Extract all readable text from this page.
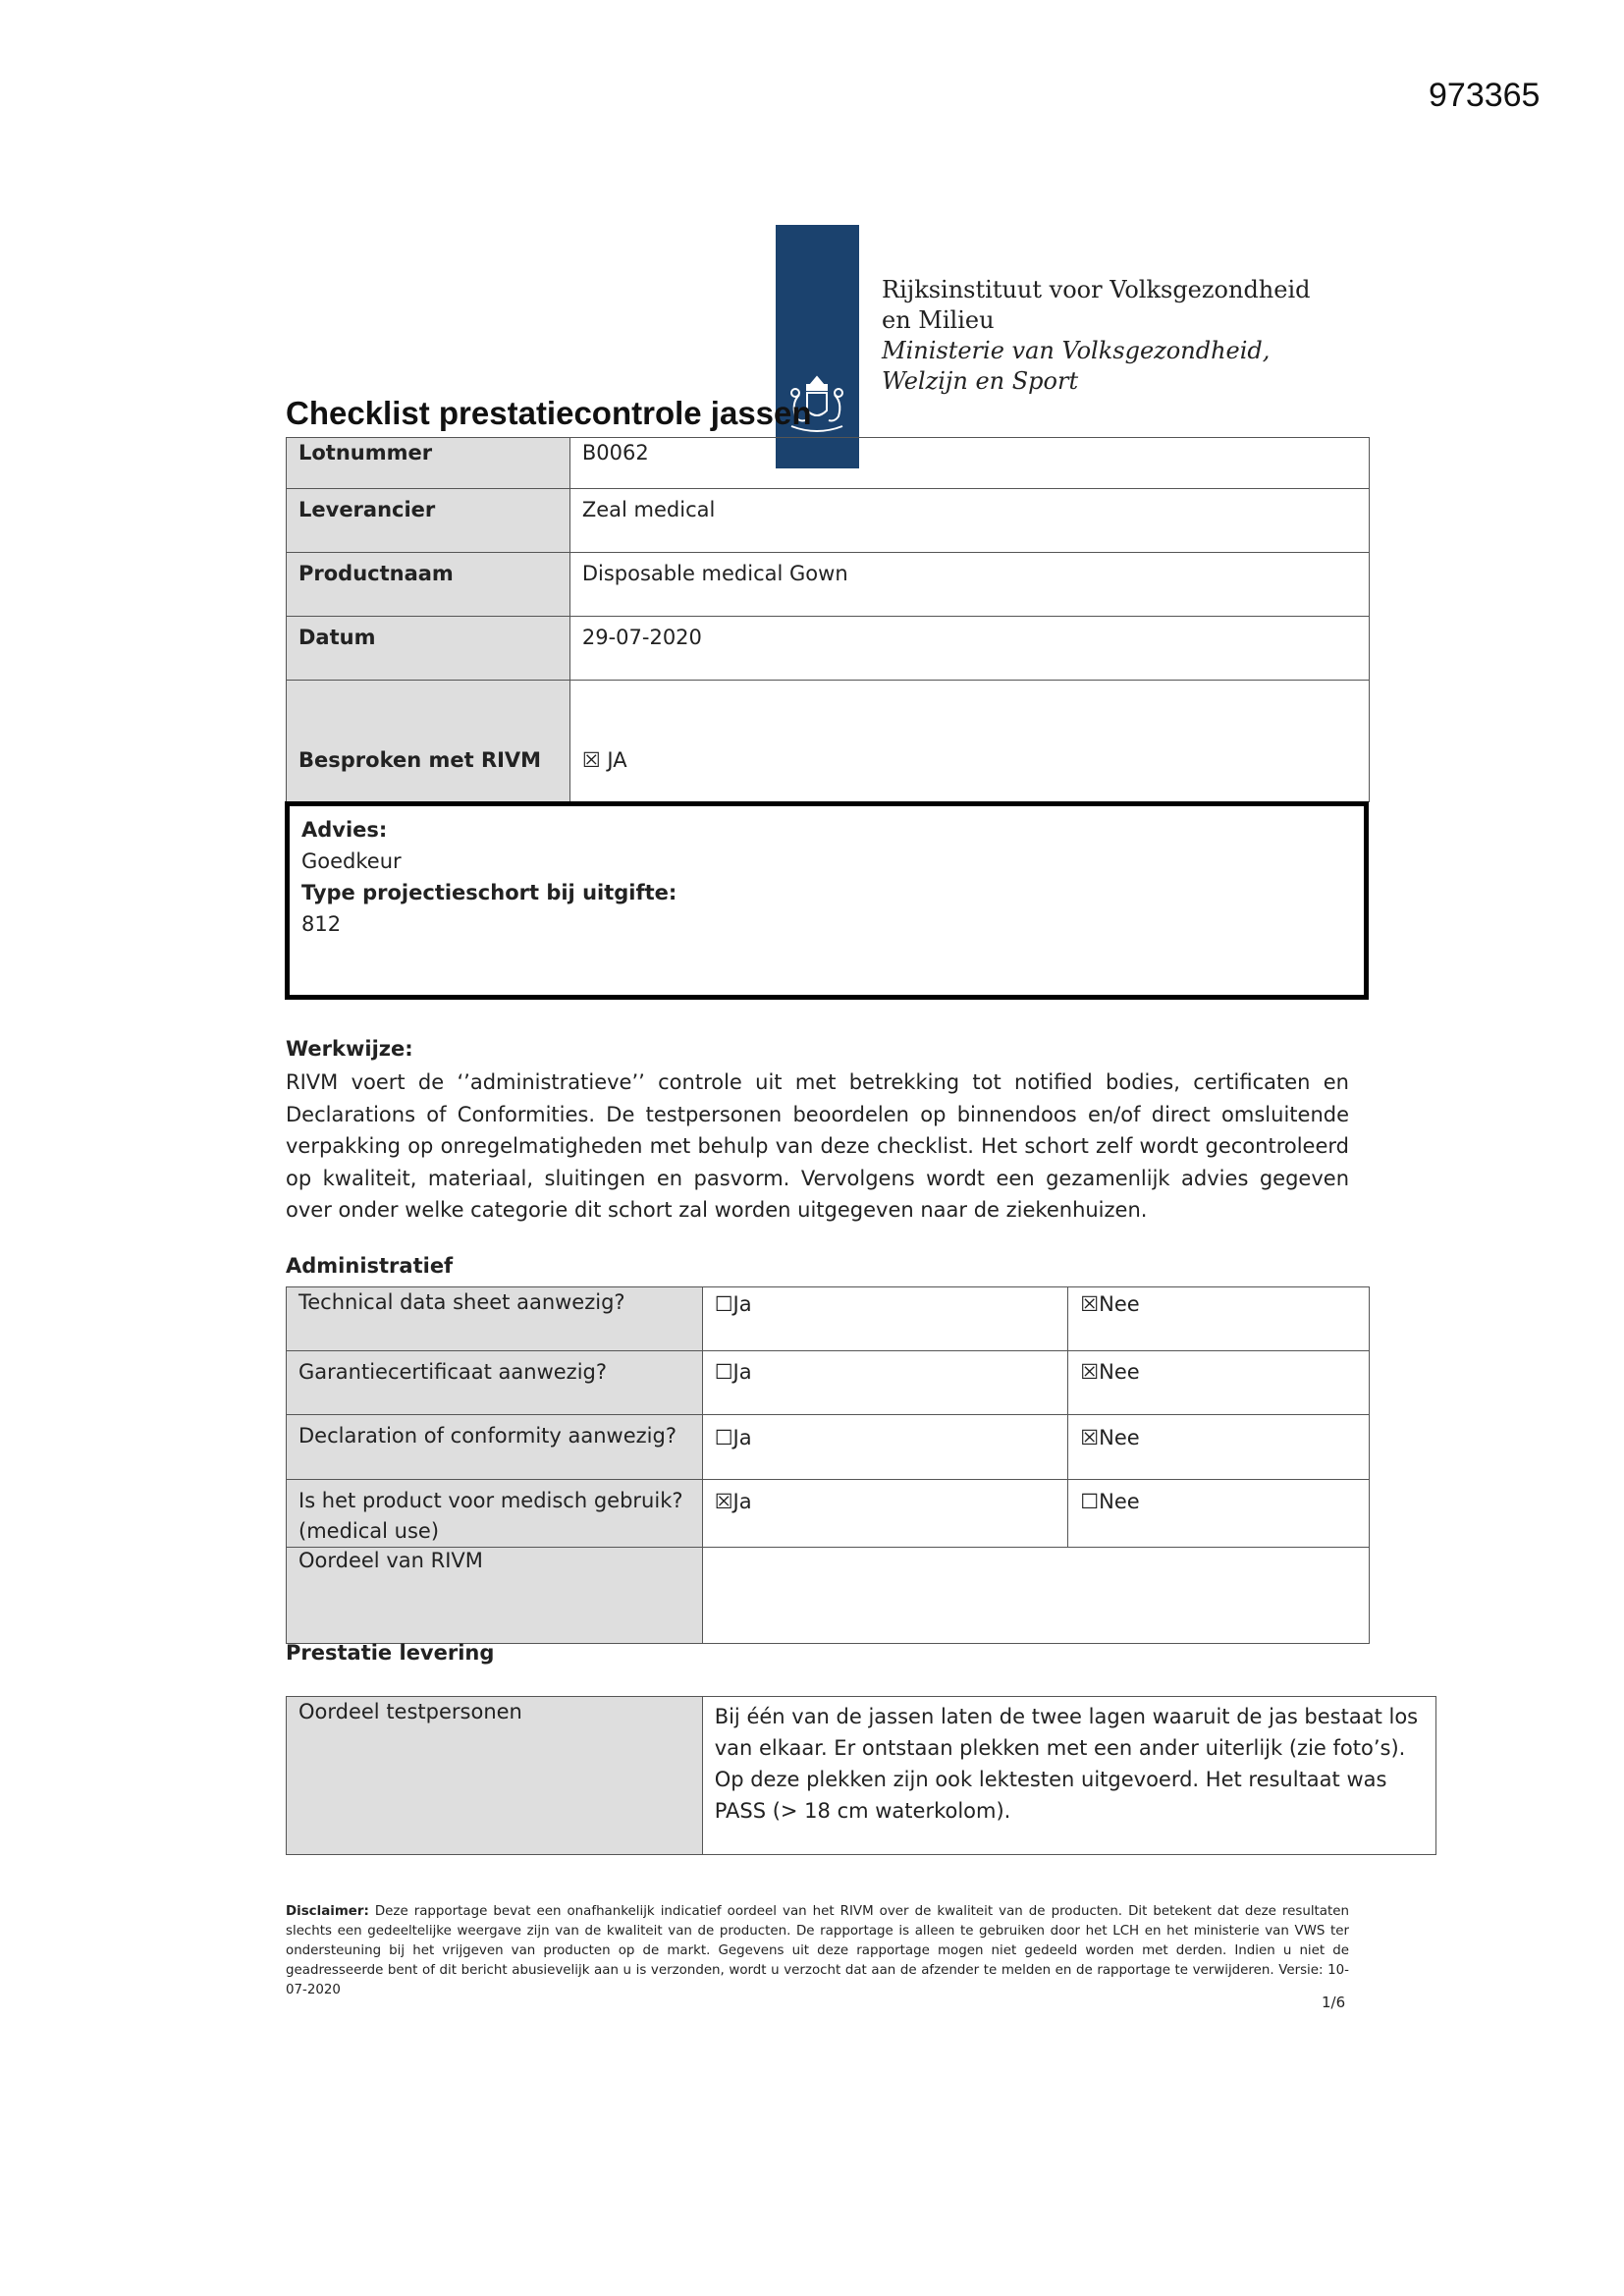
973365
Rijksinstituut voor Volksgezondheid
en Milieu
Ministerie van Volksgezondheid,
Welzijn en Sport
Checklist prestatiecontrole jassen
Lotnummer	B0062

Leverancier	Zeal medical

Productnaam	Disposable medical Gown

Datum	29-07-2020

Besproken met RIVM	☒ JA
Advies:
Goedkeur
Type projectieschort bij uitgifte:
812
Werkwijze:
RIVM voert de ‘’administratieve’’ controle uit met betrekking tot notified bodies, certificaten en Declarations of Conformities. De testpersonen beoordelen op binnendoos en/of direct omsluitende verpakking op onregelmatigheden met behulp van deze checklist. Het schort zelf wordt gecontroleerd op kwaliteit, materiaal, sluitingen en pasvorm. Vervolgens wordt een gezamenlijk advies gegeven over onder welke categorie dit schort zal worden uitgegeven naar de ziekenhuizen.
Administratief
Technical data sheet aanwezig?	☐Ja	☒Nee

Garantiecertificaat aanwezig?	☐Ja	☒Nee

Declaration of conformity aanwezig?	☐Ja	☒Nee

Is het product voor medisch gebruik? (medical use)	☒Ja	☐Nee

Oordeel van RIVM		

Prestatie levering
Oordeel testpersonen	Bij één van de jassen laten de twee lagen waaruit de jas bestaat los van elkaar. Er ontstaan plekken met een ander uiterlijk (zie foto’s). Op deze plekken zijn ook lektesten uitgevoerd. Het resultaat was PASS (> 18 cm waterkolom).
Disclaimer: Deze rapportage bevat een onafhankelijk indicatief oordeel van het RIVM over de kwaliteit van de producten. Dit betekent dat deze resultaten slechts een gedeeltelijke weergave zijn van de kwaliteit van de producten. De rapportage is alleen te gebruiken door het LCH en het ministerie van VWS ter ondersteuning bij het vrijgeven van producten op de markt. Gegevens uit deze rapportage mogen niet gedeeld worden met derden. Indien u niet de geadresseerde bent of dit bericht abusievelijk aan u is verzonden, wordt u verzocht dat aan de afzender te melden en de rapportage te verwijderen. Versie: 10-07-2020
1/6
